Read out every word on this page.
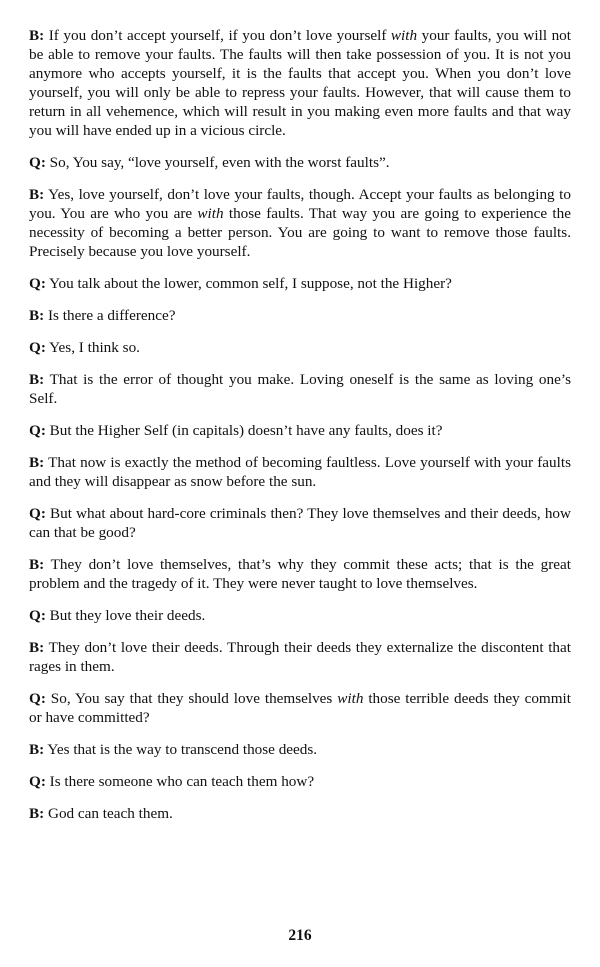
B: If you don’t accept yourself, if you don’t love yourself with your faults, you will not be able to remove your faults. The faults will then take possession of you. It is not you anymore who accepts yourself, it is the faults that accept you. When you don’t love yourself, you will only be able to repress your faults. However, that will cause them to return in all vehemence, which will result in you making even more faults and that way you will have ended up in a vicious circle.

Q: So, You say, “love yourself, even with the worst faults”.

B: Yes, love yourself, don’t love your faults, though. Accept your faults as belonging to you. You are who you are with those faults. That way you are going to experience the necessity of becoming a better person. You are going to want to remove those faults. Precisely because you love yourself.

Q: You talk about the lower, common self, I suppose, not the Higher?

B: Is there a difference?

Q: Yes, I think so.

B: That is the error of thought you make. Loving oneself is the same as loving one’s Self.

Q: But the Higher Self (in capitals) doesn’t have any faults, does it?

B: That now is exactly the method of becoming faultless. Love yourself with your faults and they will disappear as snow before the sun.

Q: But what about hard-core criminals then? They love themselves and their deeds, how can that be good?

B: They don’t love themselves, that’s why they commit these acts; that is the great problem and the tragedy of it. They were never taught to love themselves.

Q: But they love their deeds.

B: They don’t love their deeds. Through their deeds they externalize the discontent that rages in them.

Q: So, You say that they should love themselves with those terrible deeds they commit or have committed?

B: Yes that is the way to transcend those deeds.

Q: Is there someone who can teach them how?

B: God can teach them.

216
